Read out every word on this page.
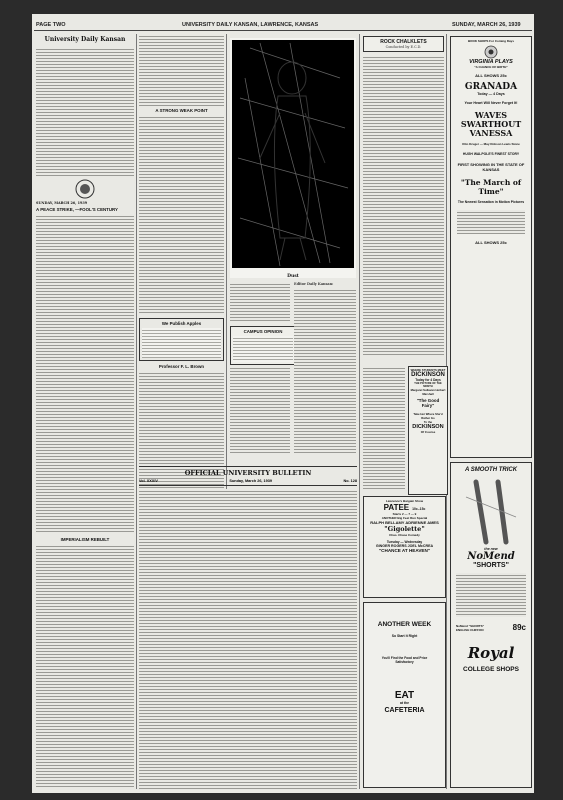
PAGE TWO	UNIVERSITY DAILY KANSAN, LAWRENCE, KANSAS	SUNDAY, MARCH 26, 1939
University Daily Kansan
SUNDAY, MARCH 26, 1939
A PEACE STRIKE, —FOOL'S CENTURY
IMPERIALISM REBUILT
A STRONG WEAK POINT
We Publish Apples
Professor F. L. Brown
Dust
CAMPUS OPINION
Editor Daily Kansan:
OFFICIAL UNIVERSITY BULLETIN
Vol. XXXIV	Sunday, March 26, 1939	No. 128
ROCK CHALKLETS
Conducted by E.C.D.
WHERE STUDENTS MEET
DICKINSON
Today for 4 Days
THE PICTURE OF THE MONTH
Margaret Sullavan Herbert Marshall
"The Good Fairy"
Take Her Where She'd Rather Go
To the
DICKINSON
Of Course
Lawrence's Bargain Show
PATEE 10c–15c
Starts 2 — 7 — 9
ANOTHER Big Feet Run Special
RALPH BELLAMY ADRIENNE AMES
"Gigolette"
Chas. Chase Comedy
Tuesday — Wednesday
GINGER ROGERS JOEL McCREA
"CHANCE AT HEAVEN"
ANOTHER WEEK
So Start It Right
You'll Find the Food and Price Satisfactory
EAT
at the
CAFETERIA
BOOK SHOPS For Coming Days
VIRGINIA PLAYS
"A CHANCE OF BIRTH"
ALL SHOWS 25c
GRANADA
Today — 4 Days
Your Heart Will Never Forget It!
WAVES SWARTHOUT VANESSA
Otto Kruger — May Robson Lewis Stone
HUGH WALPOLE'S FINEST STORY
FIRST SHOWING IN THE STATE OF KANSAS
"The March of Time"
The Newest Sensation in Motion Pictures
ALL SHOWS 25c
A SMOOTH TRICK
the new
NoMend
"SHORTS"
NoMend "SHORTS" ENGLISH CHIFFON	89c
Royal
COLLEGE SHOPS
